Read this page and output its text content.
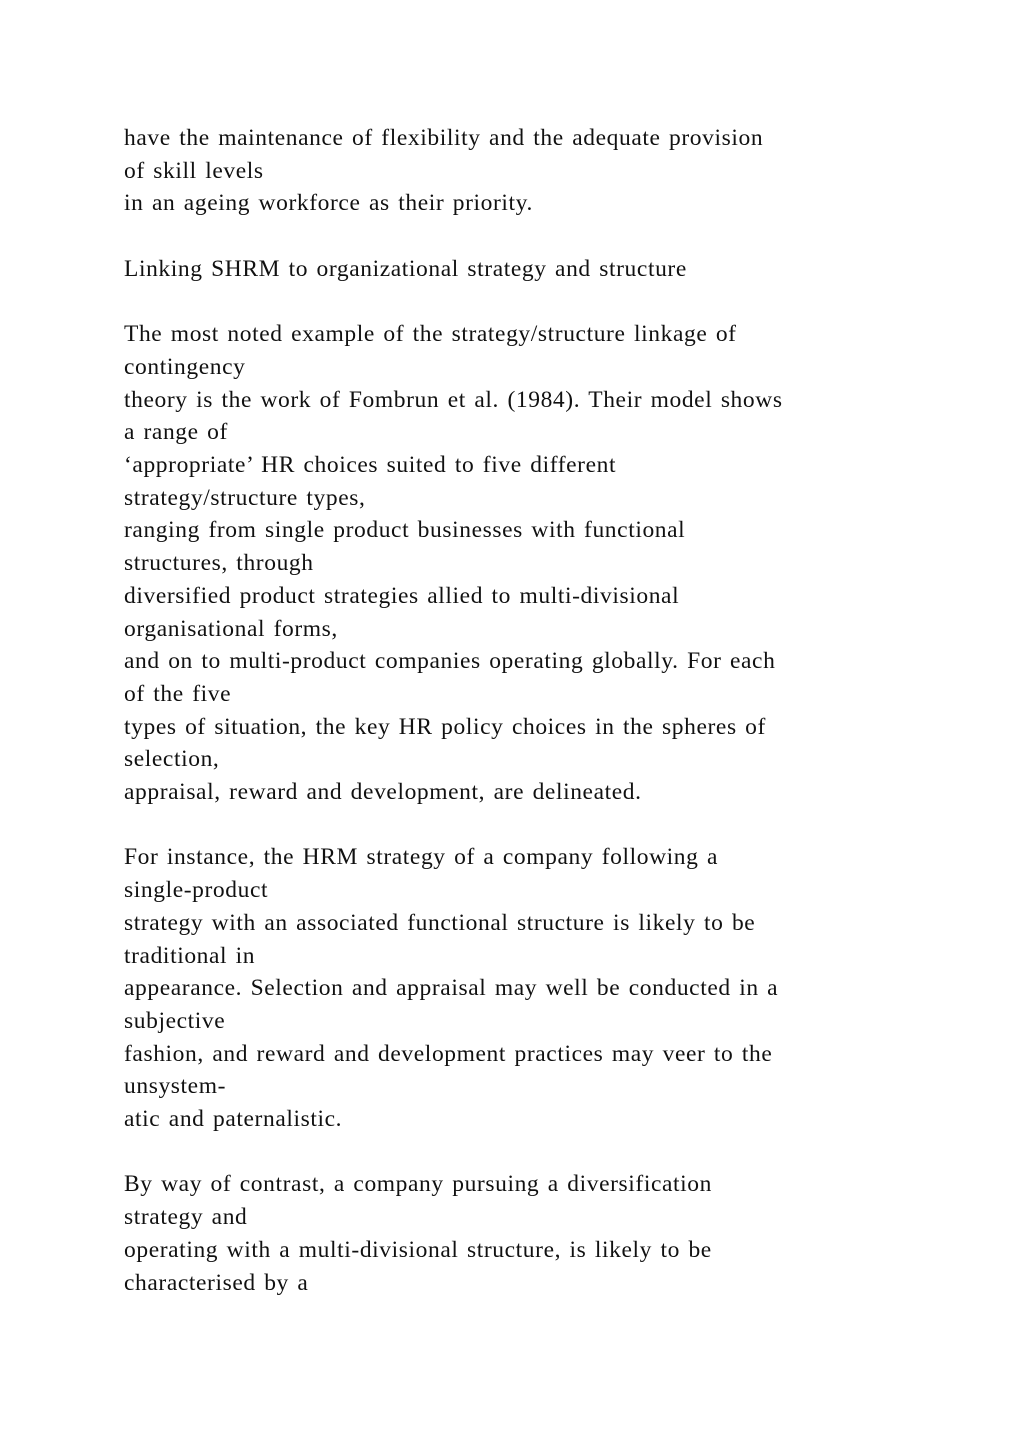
have the maintenance of flexibility and the adequate provision
of skill levels
in an ageing workforce as their priority.

Linking SHRM to organizational strategy and structure

The most noted example of the strategy/structure linkage of
contingency
theory is the work of Fombrun et al. (1984). Their model shows
a range of
‘appropriate’ HR choices suited to five different
strategy/structure types,
ranging from single product businesses with functional
structures, through
diversified product strategies allied to multi-divisional
organisational forms,
and on to multi-product companies operating globally. For each
of the five
types of situation, the key HR policy choices in the spheres of
selection,
appraisal, reward and development, are delineated.

For instance, the HRM strategy of a company following a
single-product
strategy with an associated functional structure is likely to be
traditional in
appearance. Selection and appraisal may well be conducted in a
subjective
fashion, and reward and development practices may veer to the
unsystem-
atic and paternalistic.

By way of contrast, a company pursuing a diversification
strategy and
operating with a multi-divisional structure, is likely to be
characterised by a
